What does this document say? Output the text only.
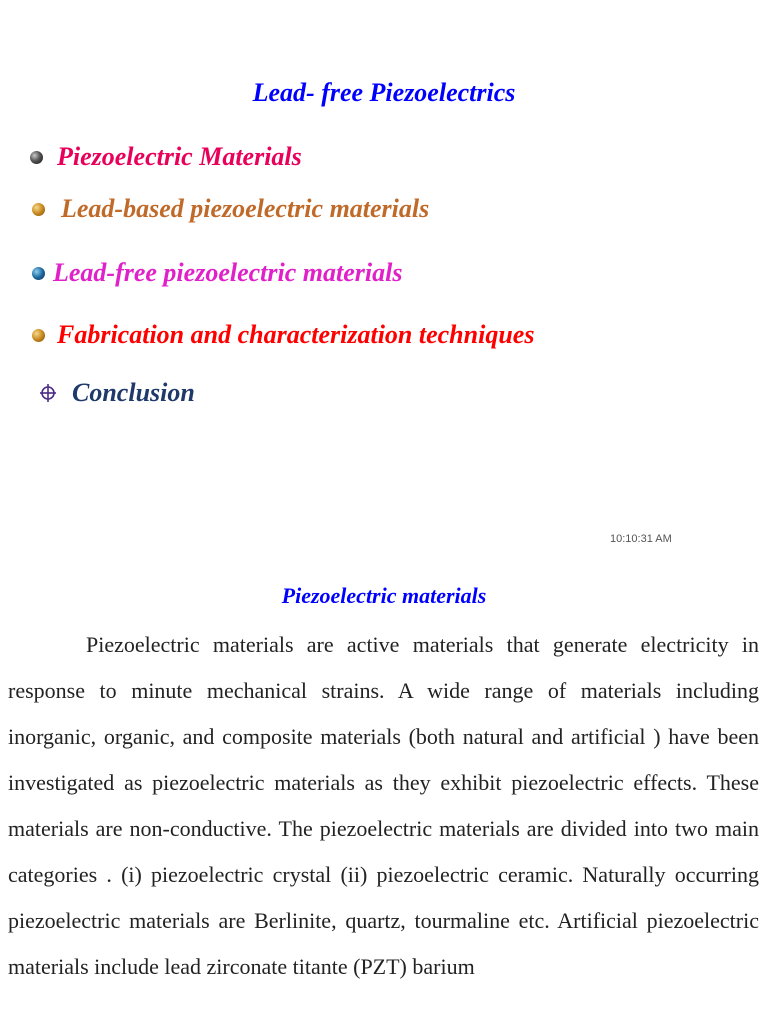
Lead- free Piezoelectrics
Piezoelectric Materials
Lead-based piezoelectric materials
Lead-free piezoelectric materials
Fabrication and characterization techniques
Conclusion
10:10:31 AM
Piezoelectric materials
Piezoelectric materials are active materials that generate electricity in response to minute mechanical strains. A wide range of materials including inorganic, organic, and composite materials (both natural and artificial ) have been investigated as piezoelectric materials as they exhibit piezoelectric effects. These materials are non-conductive. The piezoelectric materials are divided into two main categories . (i) piezoelectric crystal (ii) piezoelectric ceramic. Naturally occurring piezoelectric materials are Berlinite, quartz, tourmaline etc. Artificial piezoelectric materials include lead zirconate titante (PZT) barium
